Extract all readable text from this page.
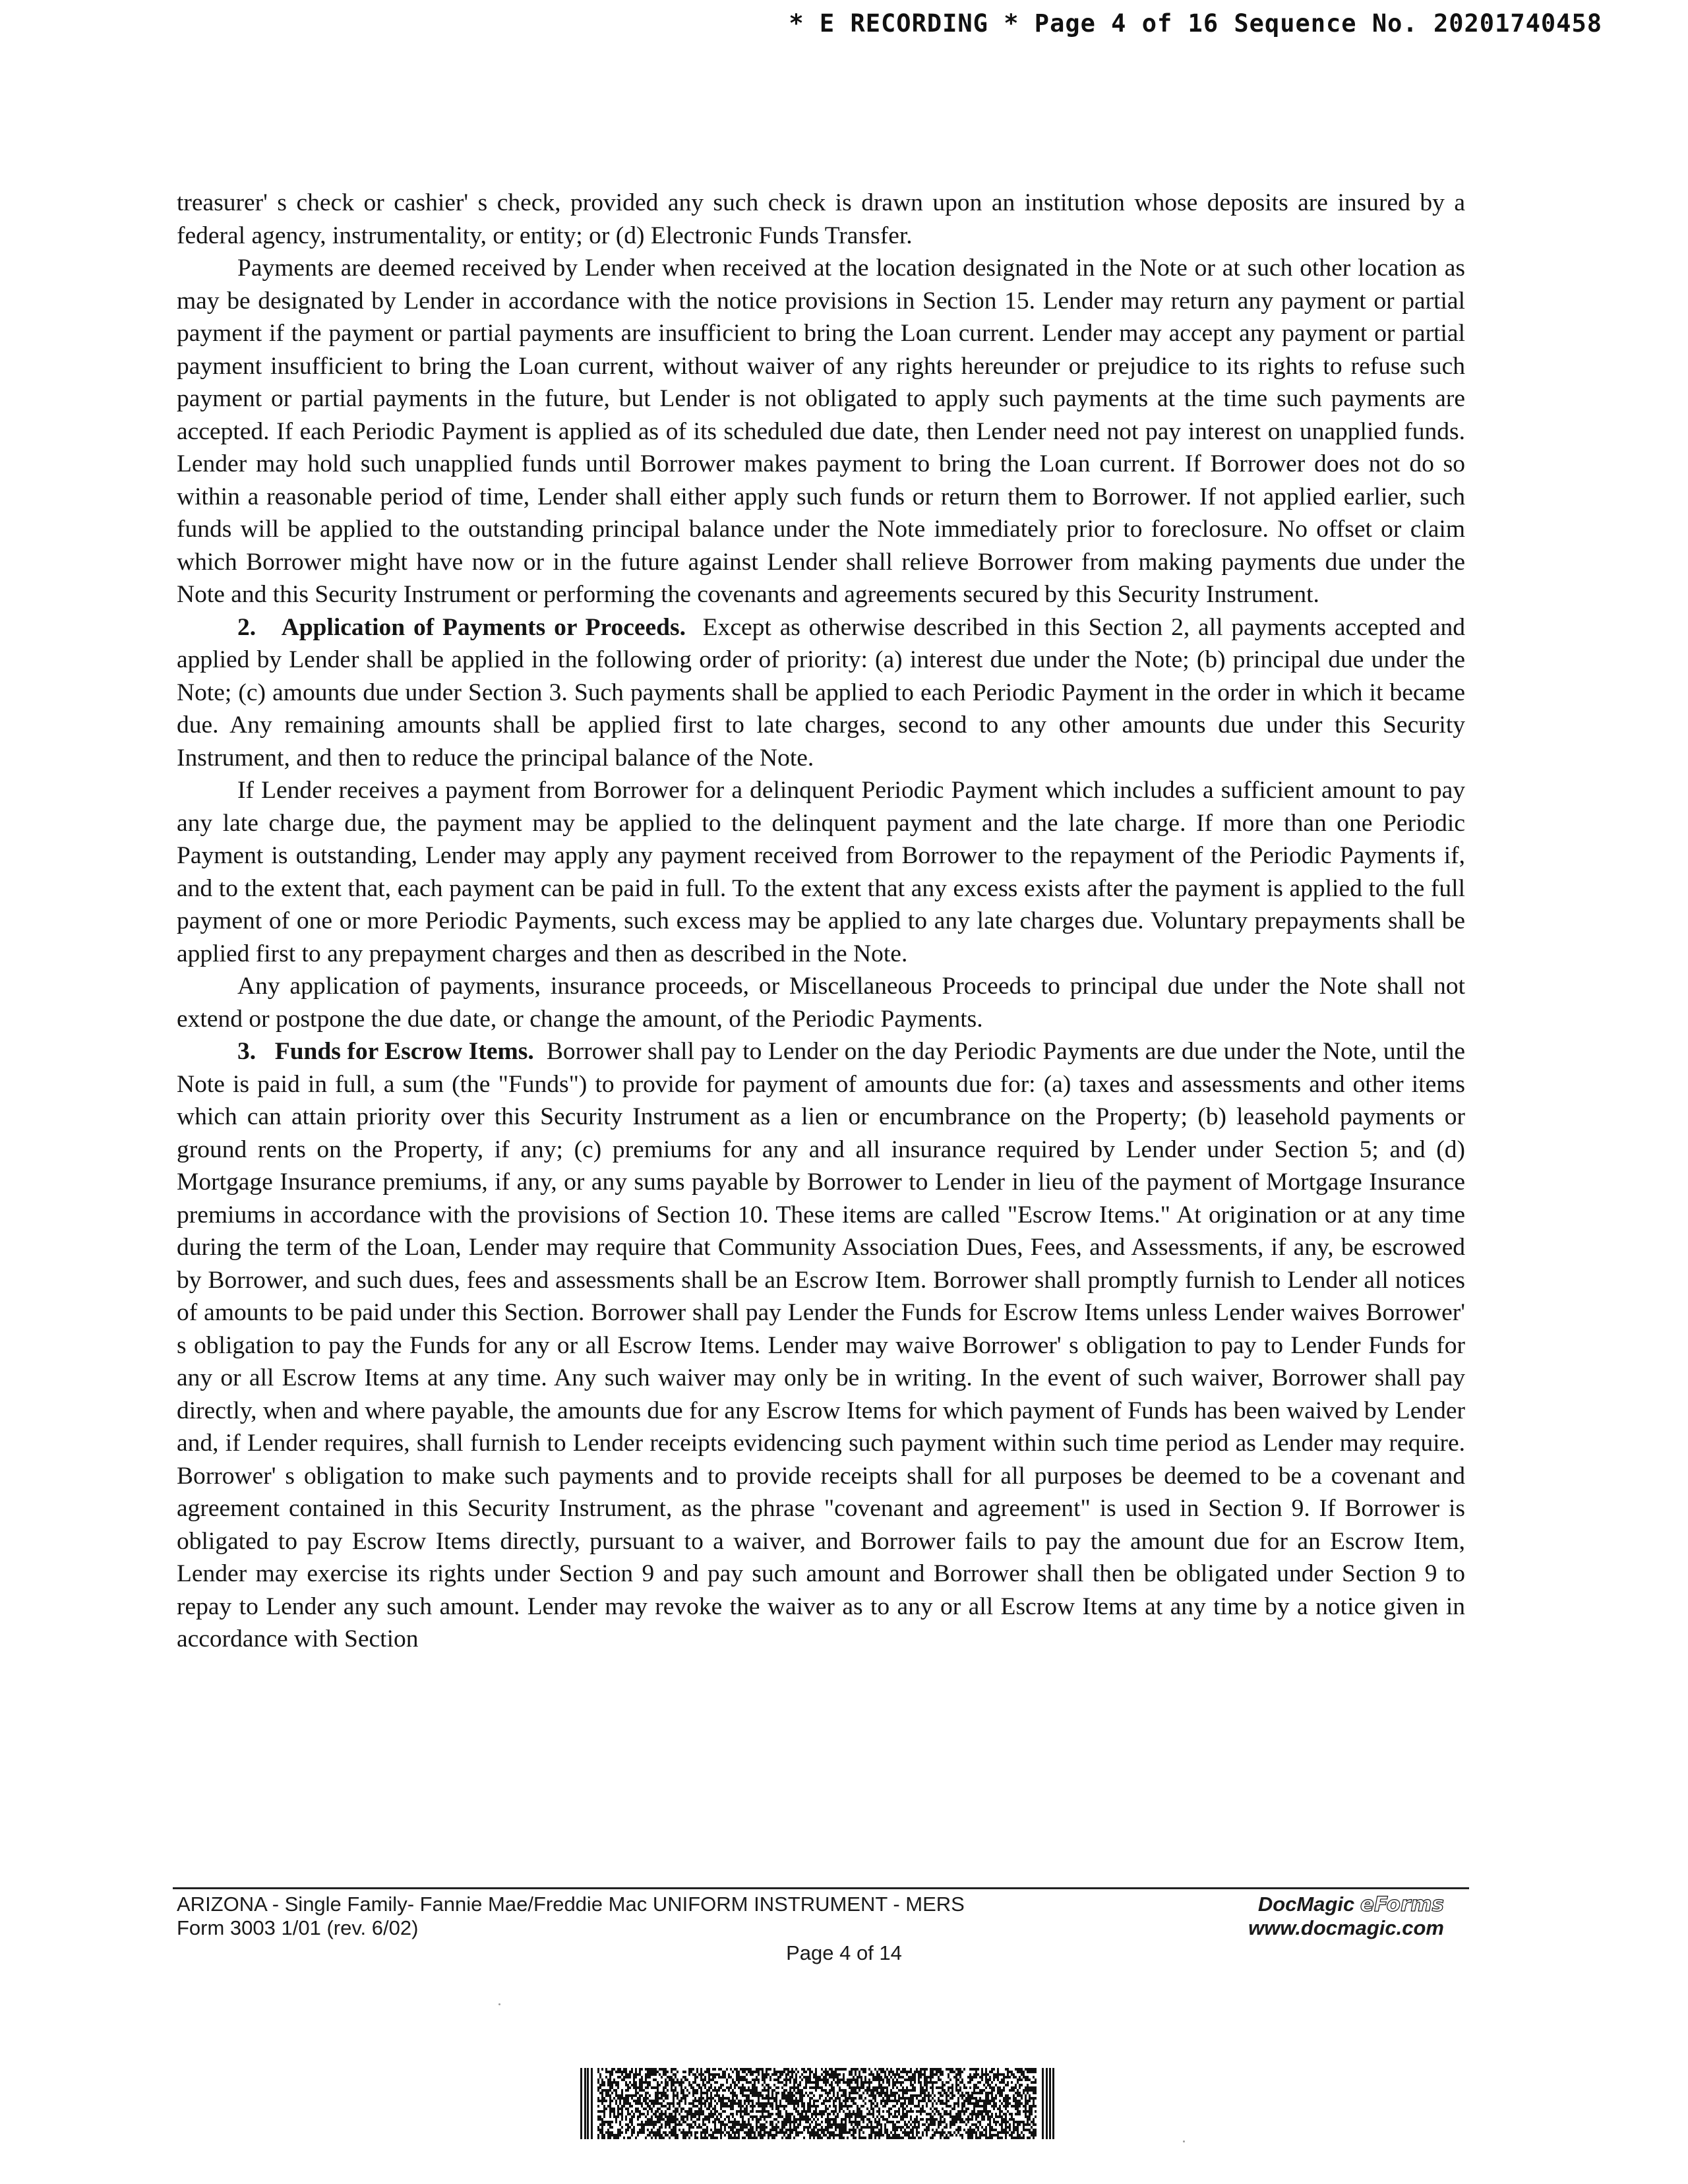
* E RECORDING * Page 4 of 16 Sequence No. 20201740458

treasurer' s check or cashier' s check, provided any such check is drawn upon an institution whose deposits are insured by a federal agency, instrumentality, or entity; or (d) Electronic Funds Transfer.

Payments are deemed received by Lender when received at the location designated in the Note or at such other location as may be designated by Lender in accordance with the notice provisions in Section 15. Lender may return any payment or partial payment if the payment or partial payments are insufficient to bring the Loan current. Lender may accept any payment or partial payment insufficient to bring the Loan current, without waiver of any rights hereunder or prejudice to its rights to refuse such payment or partial payments in the future, but Lender is not obligated to apply such payments at the time such payments are accepted. If each Periodic Payment is applied as of its scheduled due date, then Lender need not pay interest on unapplied funds. Lender may hold such unapplied funds until Borrower makes payment to bring the Loan current. If Borrower does not do so within a reasonable period of time, Lender shall either apply such funds or return them to Borrower. If not applied earlier, such funds will be applied to the outstanding principal balance under the Note immediately prior to foreclosure. No offset or claim which Borrower might have now or in the future against Lender shall relieve Borrower from making payments due under the Note and this Security Instrument or performing the covenants and agreements secured by this Security Instrument.

2. Application of Payments or Proceeds. Except as otherwise described in this Section 2, all payments accepted and applied by Lender shall be applied in the following order of priority: (a) interest due under the Note; (b) principal due under the Note; (c) amounts due under Section 3. Such payments shall be applied to each Periodic Payment in the order in which it became due. Any remaining amounts shall be applied first to late charges, second to any other amounts due under this Security Instrument, and then to reduce the principal balance of the Note.

If Lender receives a payment from Borrower for a delinquent Periodic Payment which includes a sufficient amount to pay any late charge due, the payment may be applied to the delinquent payment and the late charge. If more than one Periodic Payment is outstanding, Lender may apply any payment received from Borrower to the repayment of the Periodic Payments if, and to the extent that, each payment can be paid in full. To the extent that any excess exists after the payment is applied to the full payment of one or more Periodic Payments, such excess may be applied to any late charges due. Voluntary prepayments shall be applied first to any prepayment charges and then as described in the Note.

Any application of payments, insurance proceeds, or Miscellaneous Proceeds to principal due under the Note shall not extend or postpone the due date, or change the amount, of the Periodic Payments.

3. Funds for Escrow Items. Borrower shall pay to Lender on the day Periodic Payments are due under the Note, until the Note is paid in full, a sum (the "Funds") to provide for payment of amounts due for: (a) taxes and assessments and other items which can attain priority over this Security Instrument as a lien or encumbrance on the Property; (b) leasehold payments or ground rents on the Property, if any; (c) premiums for any and all insurance required by Lender under Section 5; and (d) Mortgage Insurance premiums, if any, or any sums payable by Borrower to Lender in lieu of the payment of Mortgage Insurance premiums in accordance with the provisions of Section 10. These items are called "Escrow Items." At origination or at any time during the term of the Loan, Lender may require that Community Association Dues, Fees, and Assessments, if any, be escrowed by Borrower, and such dues, fees and assessments shall be an Escrow Item. Borrower shall promptly furnish to Lender all notices of amounts to be paid under this Section. Borrower shall pay Lender the Funds for Escrow Items unless Lender waives Borrower' s obligation to pay the Funds for any or all Escrow Items. Lender may waive Borrower' s obligation to pay to Lender Funds for any or all Escrow Items at any time. Any such waiver may only be in writing. In the event of such waiver, Borrower shall pay directly, when and where payable, the amounts due for any Escrow Items for which payment of Funds has been waived by Lender and, if Lender requires, shall furnish to Lender receipts evidencing such payment within such time period as Lender may require. Borrower' s obligation to make such payments and to provide receipts shall for all purposes be deemed to be a covenant and agreement contained in this Security Instrument, as the phrase "covenant and agreement" is used in Section 9. If Borrower is obligated to pay Escrow Items directly, pursuant to a waiver, and Borrower fails to pay the amount due for an Escrow Item, Lender may exercise its rights under Section 9 and pay such amount and Borrower shall then be obligated under Section 9 to repay to Lender any such amount. Lender may revoke the waiver as to any or all Escrow Items at any time by a notice given in accordance with Section

ARIZONA - Single Family- Fannie Mae/Freddie Mac UNIFORM INSTRUMENT - MERS
Form 3003 1/01 (rev. 6/02)
DocMagic eForms
www.docmagic.com
Page 4 of 14
